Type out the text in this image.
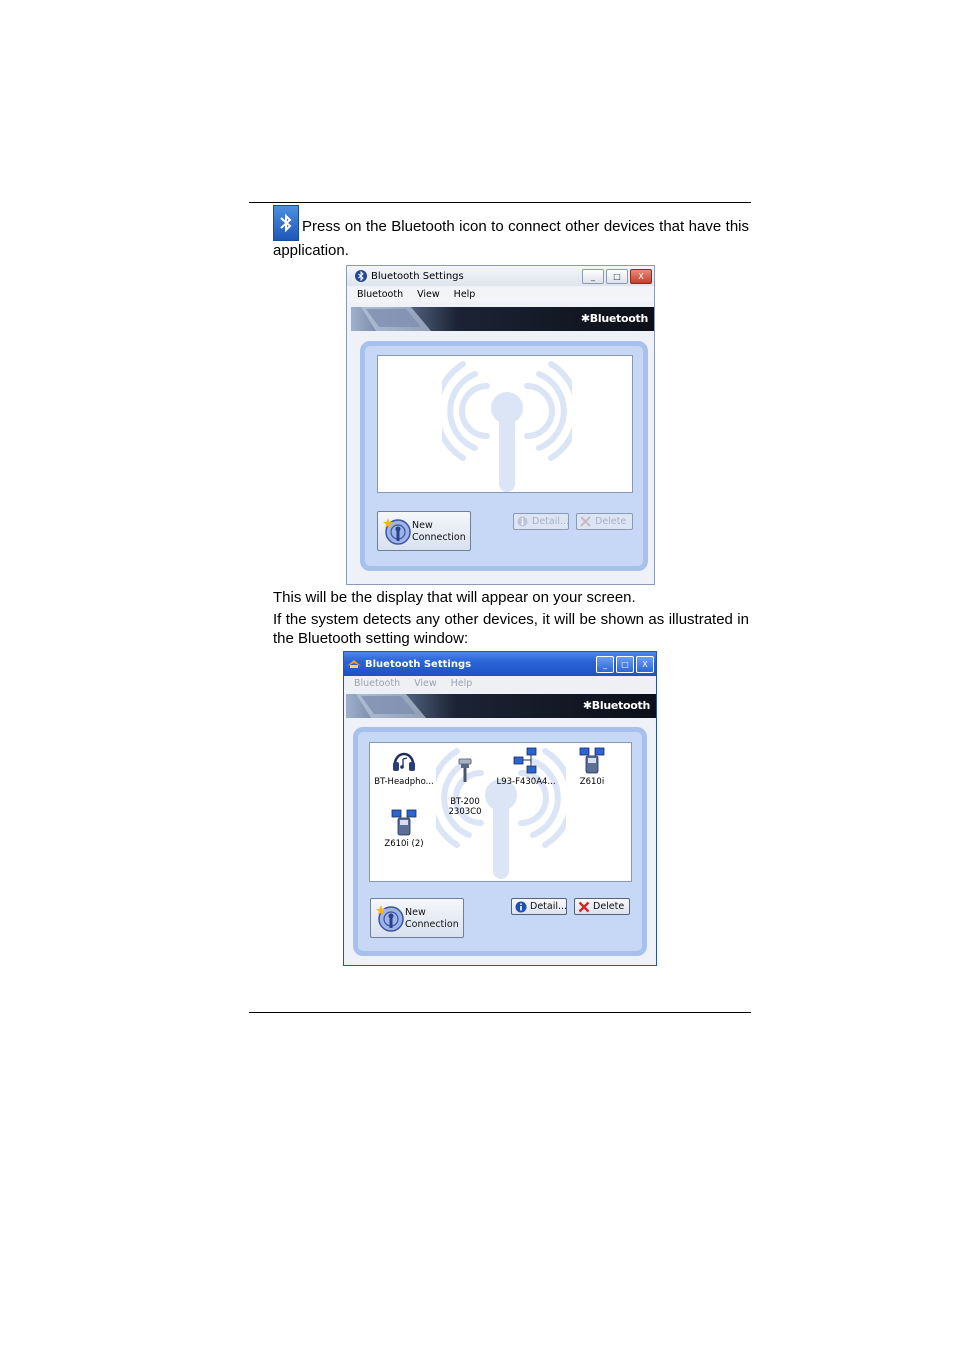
Press on the Bluetooth icon to connect other devices that have this application.
Bluetooth Settings	_	□	X
Bluetooth View Help
✱Bluetooth
New
Connection
Detail...	Delete
This will be the display that will appear on your screen.
If the system detects any other devices, it will be shown as illustrated in the Bluetooth setting window:
Bluetooth Settings	_	□	X
Bluetooth View Help
✱Bluetooth
BT-Headpho...

BT-200
2303C0

L93-F430A4...	Z610i
Z610i (2)
New
Connection
Detail...	Delete
